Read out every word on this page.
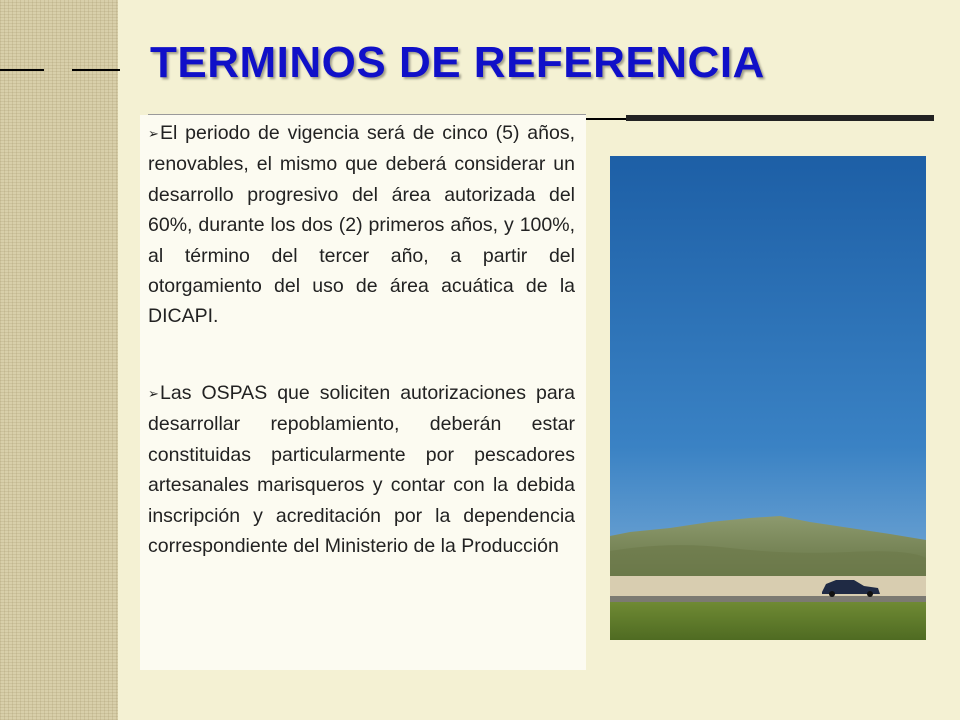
TERMINOS DE REFERENCIA

➢El periodo de vigencia será de cinco (5) años, renovables, el mismo que deberá considerar un desarrollo progresivo del área autorizada del 60%, durante los dos (2) primeros años, y 100%, al término del tercer año, a partir del otorgamiento del uso de área acuática de la DICAPI.

➢Las OSPAS que soliciten autorizaciones para desarrollar repoblamiento, deberán estar constituidas particularmente por pescadores artesanales marisqueros y contar con la debida inscripción y acreditación por la dependencia correspondiente del Ministerio de la Producción
